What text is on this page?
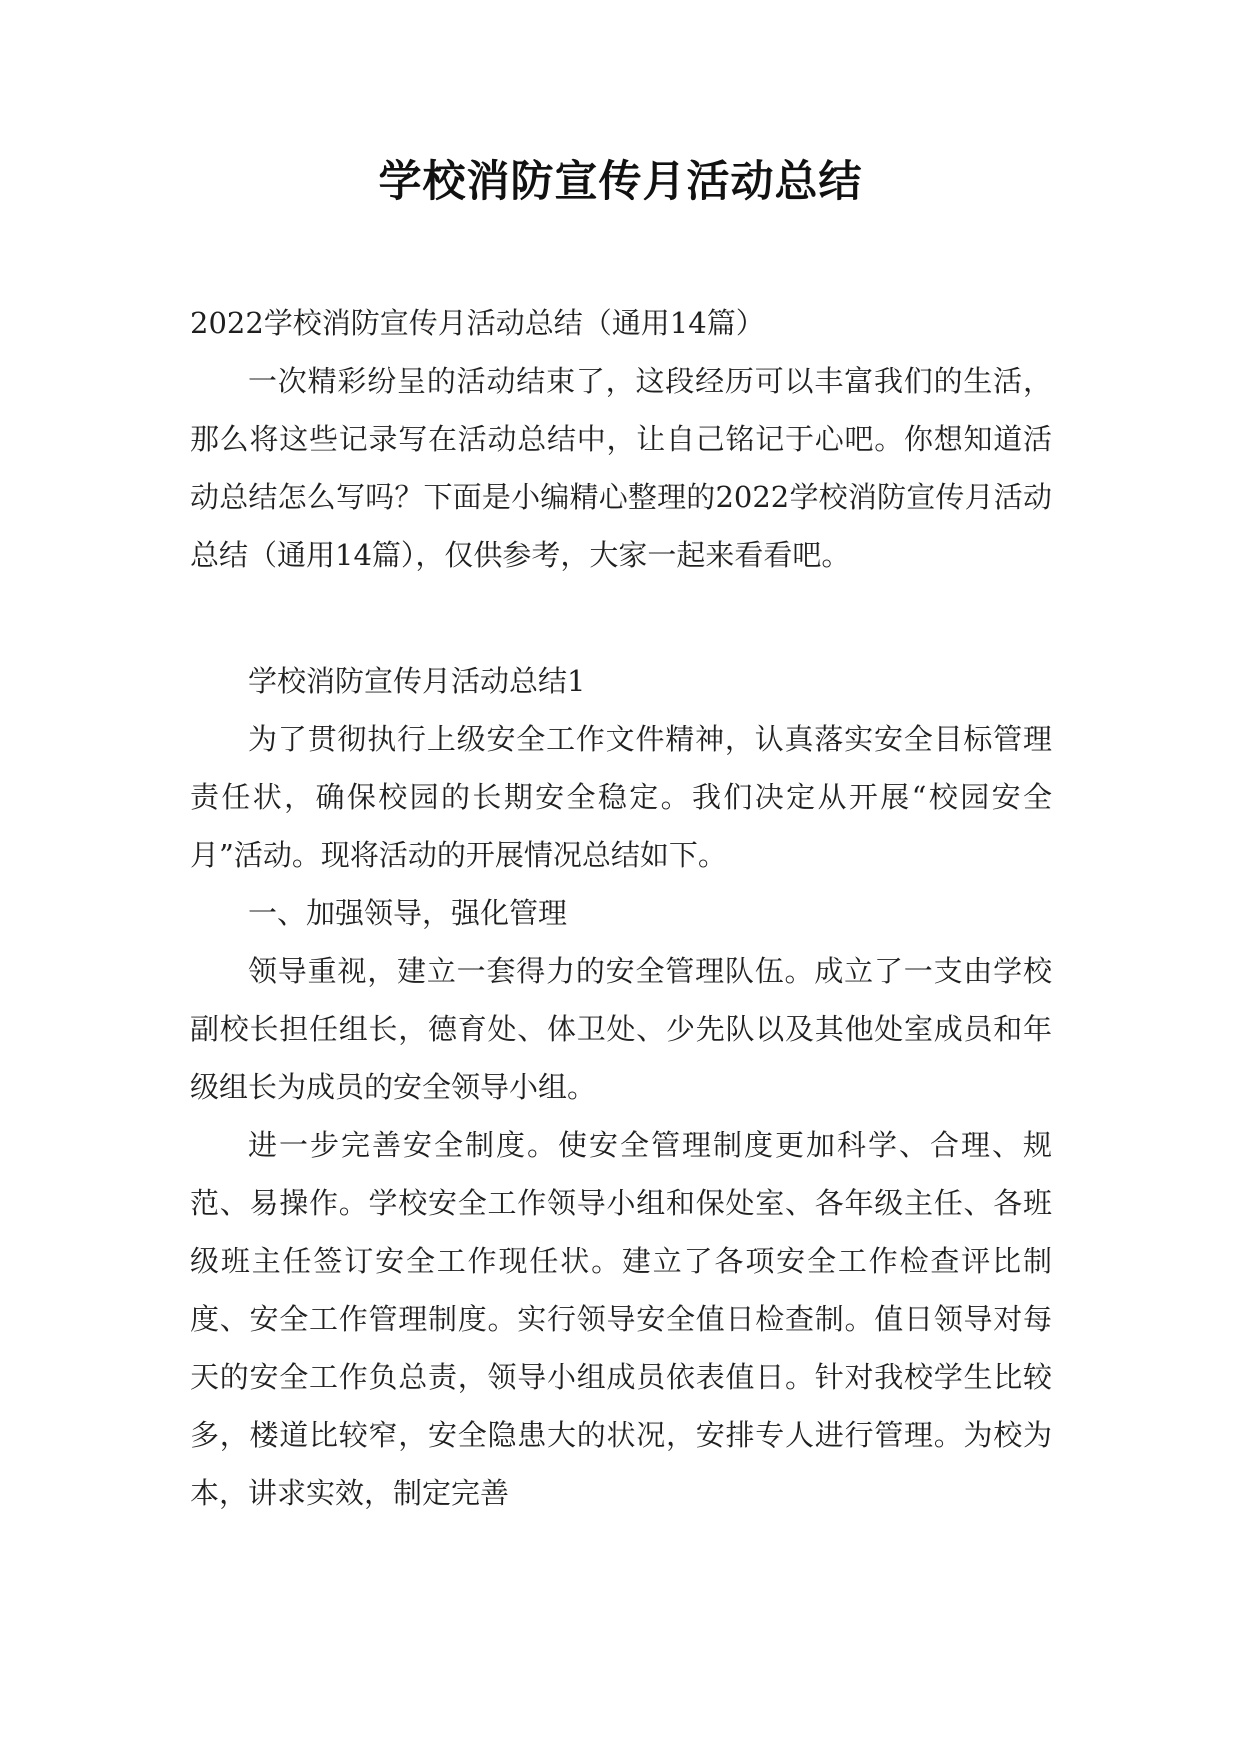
学校消防宣传月活动总结

2022学校消防宣传月活动总结（通用14篇）

一次精彩纷呈的活动结束了，这段经历可以丰富我们的生活，那么将这些记录写在活动总结中，让自己铭记于心吧。你想知道活动总结怎么写吗？下面是小编精心整理的2022学校消防宣传月活动总结（通用14篇），仅供参考，大家一起来看看吧。

学校消防宣传月活动总结1

为了贯彻执行上级安全工作文件精神，认真落实安全目标管理责任状，确保校园的长期安全稳定。我们决定从开展“校园安全月”活动。现将活动的开展情况总结如下。

一、加强领导，强化管理

领导重视，建立一套得力的安全管理队伍。成立了一支由学校副校长担任组长，德育处、体卫处、少先队以及其他处室成员和年级组长为成员的安全领导小组。

进一步完善安全制度。使安全管理制度更加科学、合理、规范、易操作。学校安全工作领导小组和保处室、各年级主任、各班级班主任签订安全工作现任状。建立了各项安全工作检查评比制度、安全工作管理制度。实行领导安全值日检查制。值日领导对每天的安全工作负总责，领导小组成员依表值日。针对我校学生比较多，楼道比较窄，安全隐患大的状况，安排专人进行管理。为校为本，讲求实效，制定完善
